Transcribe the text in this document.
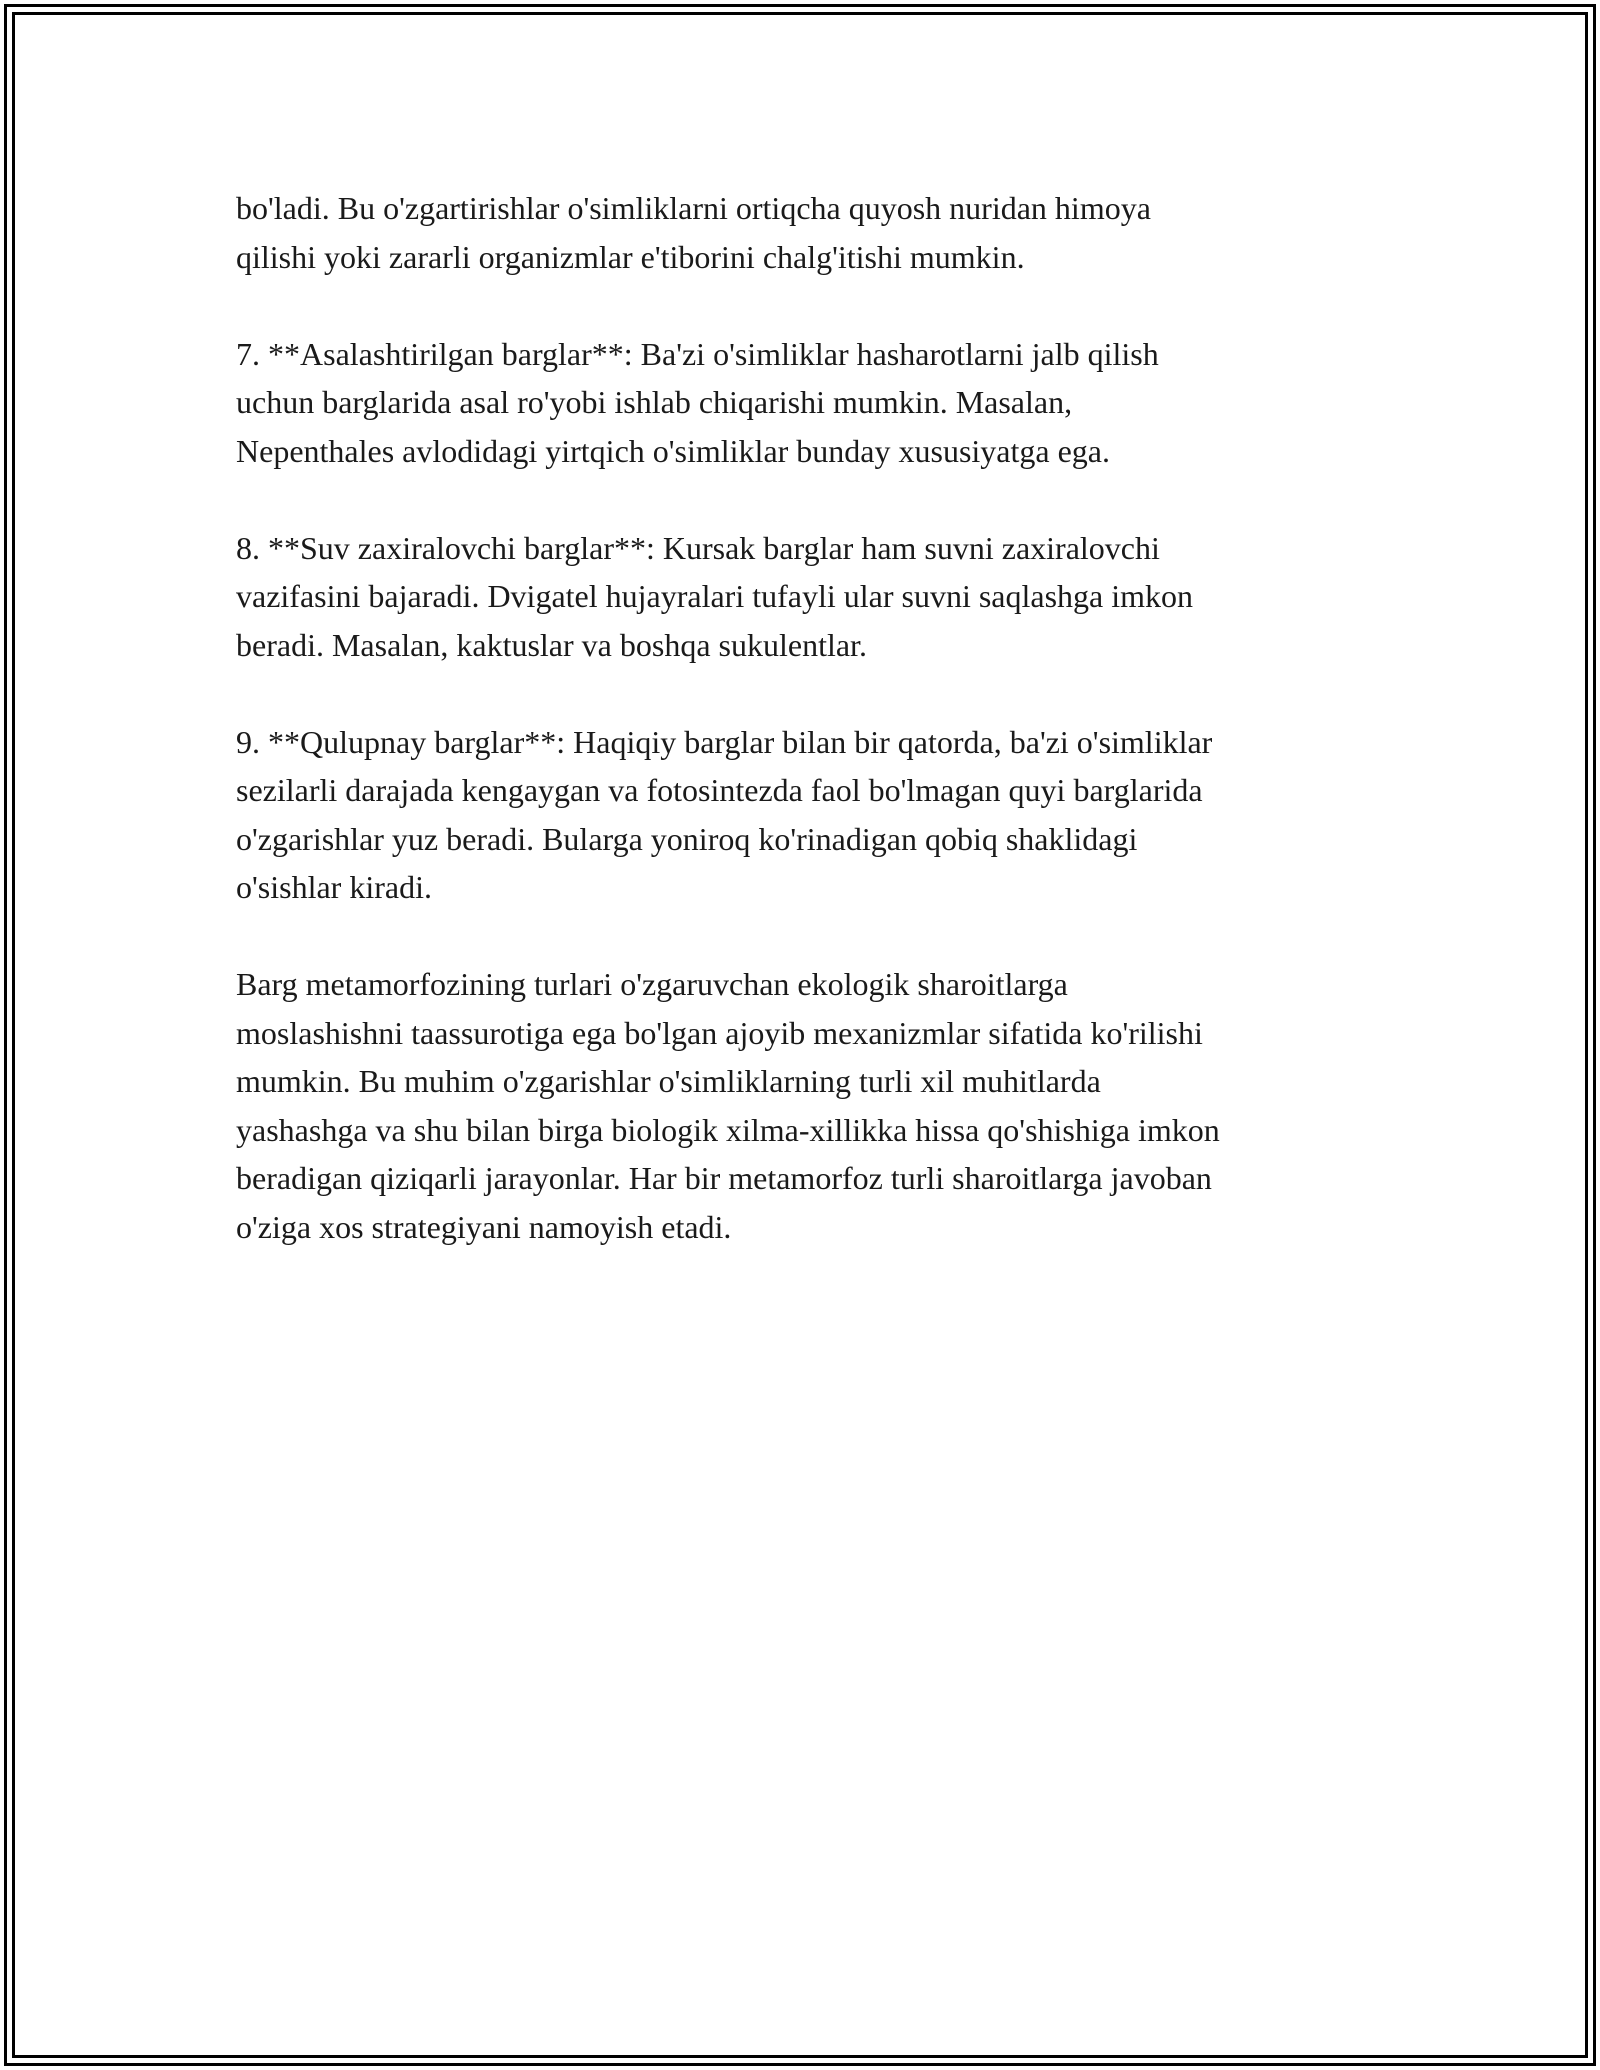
bo'ladi. Bu o'zgartirishlar o'simliklarni ortiqcha quyosh nuridan himoya
qilishi yoki zararli organizmlar e'tiborini chalg'itishi mumkin.

7. **Asalashtirilgan barglar**: Ba'zi o'simliklar hasharotlarni jalb qilish
uchun barglarida asal ro'yobi ishlab chiqarishi mumkin. Masalan,
Nepenthales avlodidagi yirtqich o'simliklar bunday xususiyatga ega.

8. **Suv zaxiralovchi barglar**: Kursak barglar ham suvni zaxiralovchi
vazifasini bajaradi. Dvigatel hujayralari tufayli ular suvni saqlashga imkon
beradi. Masalan, kaktuslar va boshqa sukulentlar.

9. **Qulupnay barglar**: Haqiqiy barglar bilan bir qatorda, ba'zi o'simliklar
sezilarli darajada kengaygan va fotosintezda faol bo'lmagan quyi barglarida
o'zgarishlar yuz beradi. Bularga yoniroq ko'rinadigan qobiq shaklidagi
o'sishlar kiradi.

Barg metamorfozining turlari o'zgaruvchan ekologik sharoitlarga
moslashishni taassurotiga ega bo'lgan ajoyib mexanizmlar sifatida ko'rilishi
mumkin. Bu muhim o'zgarishlar o'simliklarning turli xil muhitlarda
yashashga va shu bilan birga biologik xilma-xillikka hissa qo'shishiga imkon
beradigan qiziqarli jarayonlar. Har bir metamorfoz turli sharoitlarga javoban
o'ziga xos strategiyani namoyish etadi.
